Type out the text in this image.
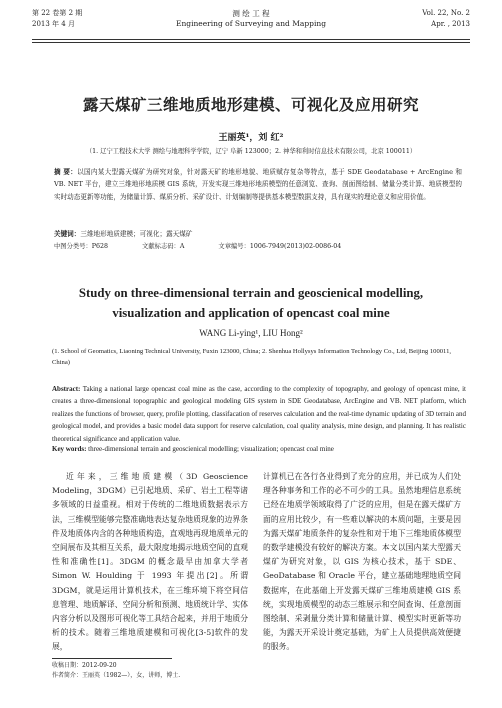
第 22 卷第 2 期	Vol. 22, No. 2
2013 年 4 月	Apr. , 2013
测 绘 工 程
Engineering of Surveying and Mapping
露天煤矿三维地质地形建模、可视化及应用研究
王丽英¹，刘 红²
（1. 辽宁工程技术大学 测绘与地理科学学院，辽宁 阜新 123000；2. 神华和利时信息技术有限公司，北京 100011）
摘 要：以国内某大型露天煤矿为研究对象，针对露天矿的地形地貌、地质赋存复杂等特点，基于 SDE Geodatabase + ArcEngine 和 VB. NET 平台，建立三维地形地质模 GIS 系统，开发实现三维地形地质模型的任意浏览、查询、剖面图绘制、储量分类计算、地质模型的实时动态更新等功能，为储量计算、煤质分析、采矿设计、计划编制等提供基本模型数据支持，具有现实的理论意义和应用价值。
关键词：三维地形地质建模；可视化；露天煤矿
中图分类号：P628	文献标志码：A	文章编号：1006-7949(2013)02-0086-04
Study on three-dimensional terrain and geoscienical modelling,
visualization and application of opencast coal mine
WANG Li-ying¹, LIU Hong²
(1. School of Geomatics, Liaoning Technical University, Fuxin 123000, China; 2. Shenhua Hollysys Information Technology Co., Ltd, Beijing 100011, China)
Abstract: Taking a national large opencast coal mine as the case, according to the complexity of topography, and geology of opencast mine, it creates a three-dimensional topographic and geological modeling GIS system in SDE Geodatabase, ArcEngine and VB. NET platform, which realizes the functions of browser, query, profile plotting, classifacation of reserves calculation and the real-time dynamic updating of 3D terrain and geological model, and provides a basic model data support for reserve calculation, coal quality analysis, mine design, and planning. It has realistic theoretical significance and application value.
Key words: three-dimensional terrain and geoscienical modelling; visualization; opencast coal mine
近年来，三维地质建模（3D Geoscience Modeling，3DGM）已引起地质、采矿、岩土工程等诸多领域的日益重视。相对于传统的二维地质数据表示方法，三维模型能够完整准确地表达复杂地质现象的边界条件及地质体内含的各种地质构造，直观地再现地质单元的空间展布及其相互关系，最大限度地揭示地质空间的直观性和准确性[1]。3DGM 的概念最早由加拿大学者 Simon W. Houlding 于 1993 年提出[2]。所谓 3DGM，就是运用计算机技术，在三维环境下将空间信息管理、地质解译、空间分析和预测、地质统计学、实体内容分析以及图形可视化等工具结合起来，并用于地质分析的技术。随着三维地质建模和可视化[3-5]软件的发展，
计算机已在各行各业得到了充分的应用，并已成为人们处理各种事务和工作的必不可少的工具。虽然地理信息系统已经在地质学领域取得了广泛的应用，但是在露天煤矿方面的应用比较少，有一些难以解决的本质问题，主要是因为露天煤矿地质条件的复杂性和对于地下三维地质体模型的数学建模没有较好的解决方案。本文以国内某大型露天煤矿为研究对象，以 GIS 为核心技术，基于 SDE、GeoDatabase 和 Oracle 平台，建立基础地理地质空间数据库，在此基础上开发露天煤矿三维地质建模 GIS 系统，实现地质模型的动态三维展示和空间查询、任意剖面图绘制、采剥量分类计算和储量计算、模型实时更新等功能，为露天开采设计奠定基础，为矿上人员提供高效便捷的服务。
收稿日期：2012-09-20
作者简介：王丽英（1982—），女，讲师，博士.
